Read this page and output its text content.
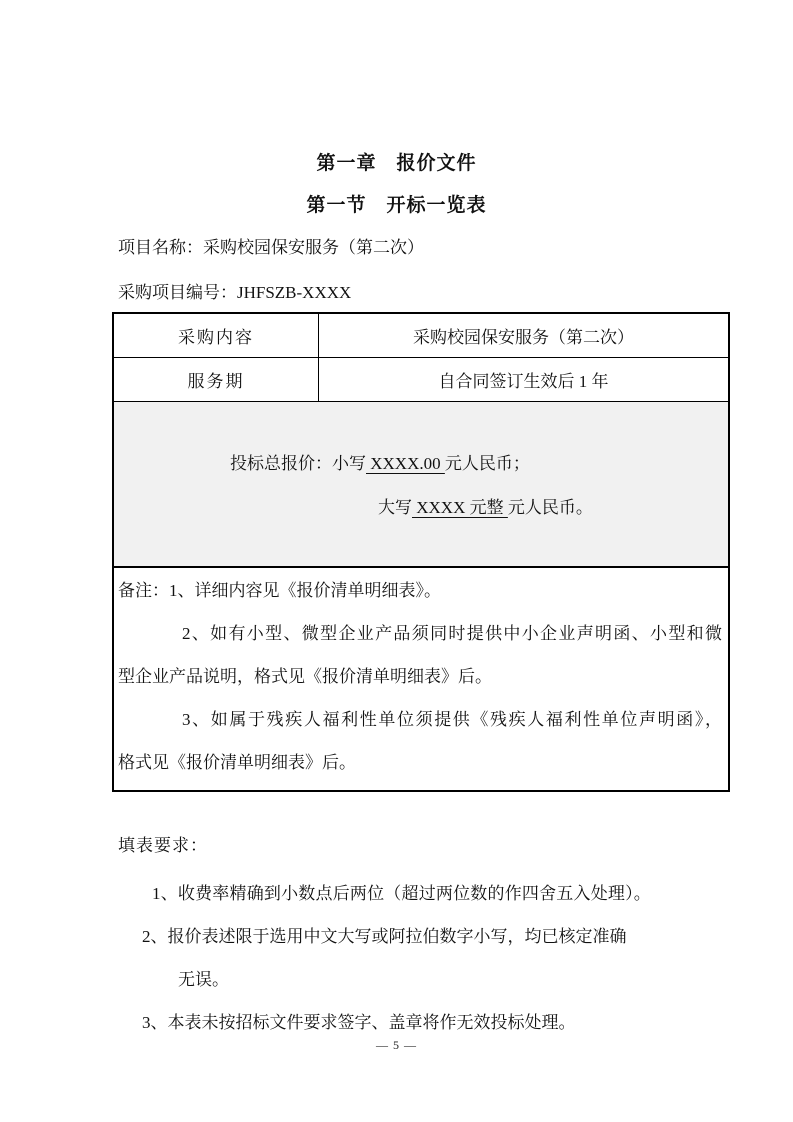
第一章　报价文件
第一节　开标一览表
项目名称：采购校园保安服务（第二次）
采购项目编号：JHFSZB-XXXX
采购内容	采购校园保安服务（第二次）
服务期	自合同签订生效后 1 年
投标总报价：小写 XXXX.00 元人民币；
大写 XXXX 元整 元人民币。
备注：1、详细内容见《报价清单明细表》。
2、如有小型、微型企业产品须同时提供中小企业声明函、小型和微
型企业产品说明，格式见《报价清单明细表》后。
3、如属于残疾人福利性单位须提供《残疾人福利性单位声明函》，
格式见《报价清单明细表》后。
填表要求：
1、收费率精确到小数点后两位（超过两位数的作四舍五入处理）。
2、报价表述限于选用中文大写或阿拉伯数字小写，均已核定准确
无误。
3、本表未按招标文件要求签字、盖章将作无效投标处理。
— 5 —
